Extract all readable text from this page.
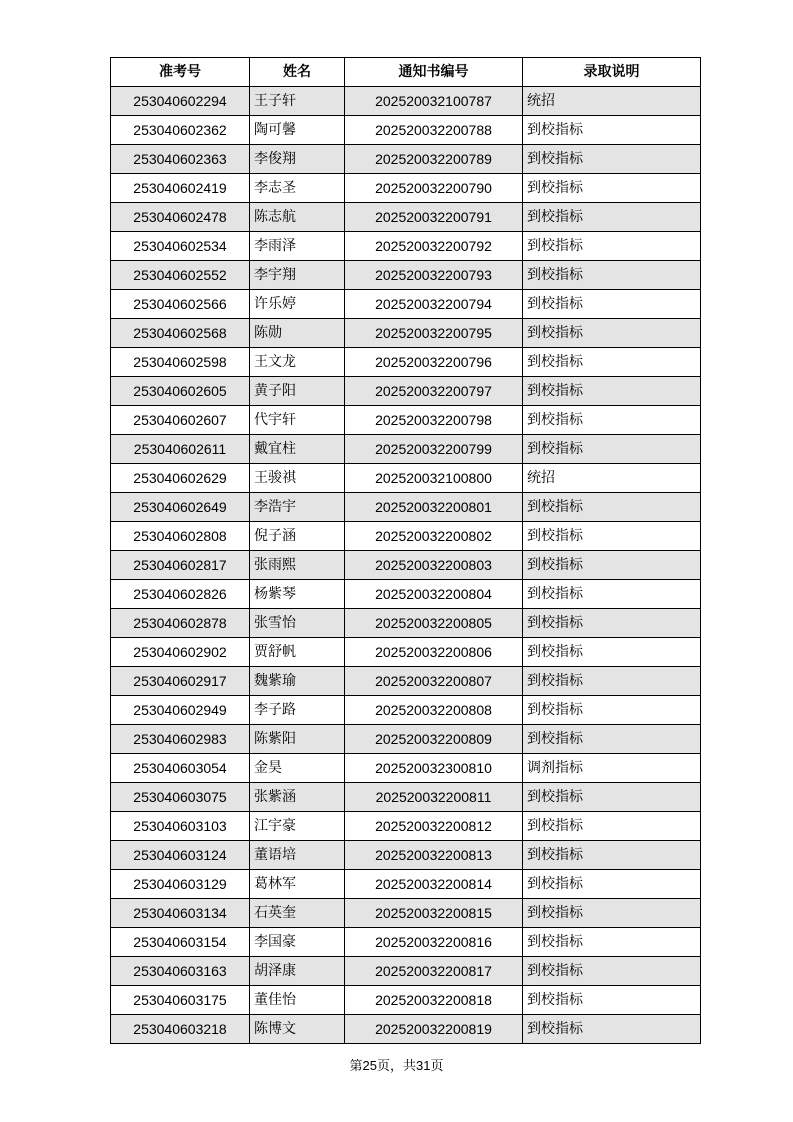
准考号	姓名	通知书编号	录取说明
253040602294	王子轩	202520032100787	统招
253040602362	陶可馨	202520032200788	到校指标
253040602363	李俊翔	202520032200789	到校指标
253040602419	李志圣	202520032200790	到校指标
253040602478	陈志航	202520032200791	到校指标
253040602534	李雨泽	202520032200792	到校指标
253040602552	李宇翔	202520032200793	到校指标
253040602566	许乐婷	202520032200794	到校指标
253040602568	陈勋	202520032200795	到校指标
253040602598	王文龙	202520032200796	到校指标
253040602605	黄子阳	202520032200797	到校指标
253040602607	代宇轩	202520032200798	到校指标
253040602611	戴宜柱	202520032200799	到校指标
253040602629	王骏祺	202520032100800	统招
253040602649	李浩宇	202520032200801	到校指标
253040602808	倪子涵	202520032200802	到校指标
253040602817	张雨熙	202520032200803	到校指标
253040602826	杨紫琴	202520032200804	到校指标
253040602878	张雪怡	202520032200805	到校指标
253040602902	贾舒帆	202520032200806	到校指标
253040602917	魏紫瑜	202520032200807	到校指标
253040602949	李子路	202520032200808	到校指标
253040602983	陈紫阳	202520032200809	到校指标
253040603054	金昊	202520032300810	调剂指标
253040603075	张紫涵	202520032200811	到校指标
253040603103	江宇豪	202520032200812	到校指标
253040603124	董语培	202520032200813	到校指标
253040603129	葛林军	202520032200814	到校指标
253040603134	石英奎	202520032200815	到校指标
253040603154	李国豪	202520032200816	到校指标
253040603163	胡泽康	202520032200817	到校指标
253040603175	董佳怡	202520032200818	到校指标
253040603218	陈博文	202520032200819	到校指标
第25页，共31页
